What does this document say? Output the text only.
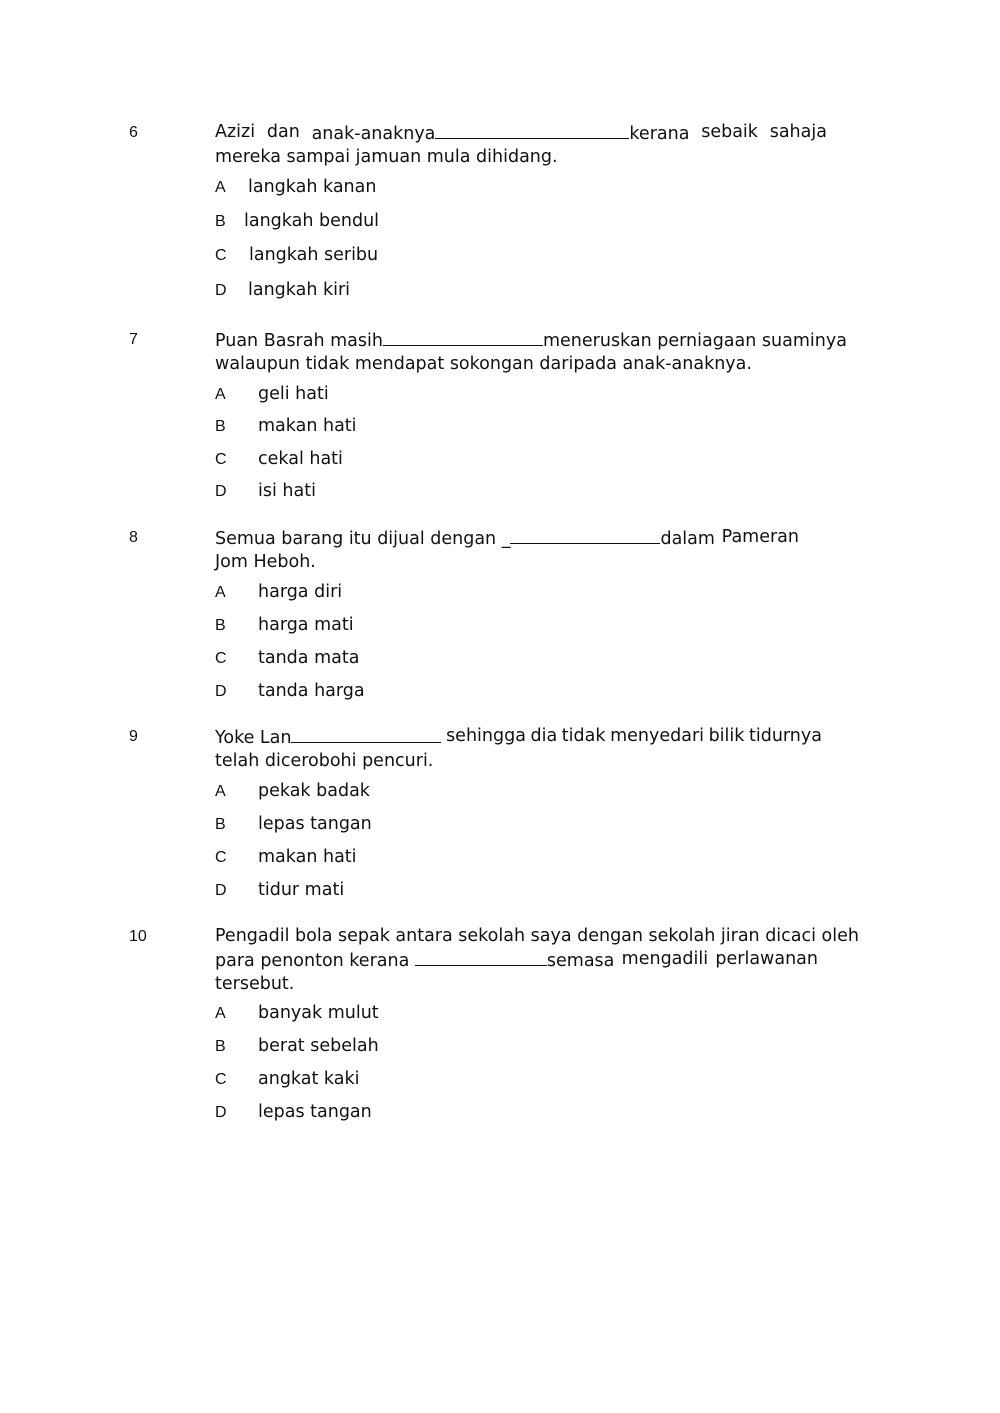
6	Azizi dan anak-anaknya	kerana sebaik sahaja
mereka sampai jamuan mula dihidang.
A langkah kanan
B langkah bendul
C langkah seribu
D langkah kiri
7	Puan Basrah masih	meneruskan perniagaan suaminya
walaupun tidak mendapat sokongan daripada anak-anaknya.
A geli hati
B makan hati
C cekal hati
D isi hati
8	Semua barang itu dijual dengan _	dalam Pameran
Jom Heboh.
A harga diri
B harga mati
C tanda mata
D tanda harga
9	Yoke Lan	sehingga dia tidak menyedari bilik tidurnya
telah dicerobohi pencuri.
A pekak badak
B lepas tangan
C makan hati
D tidur mati
10	Pengadil bola sepak antara sekolah saya dengan sekolah jiran dicaci oleh
para penonton kerana	semasa mengadili perlawanan
tersebut.
A banyak mulut
B berat sebelah
C angkat kaki
D lepas tangan
